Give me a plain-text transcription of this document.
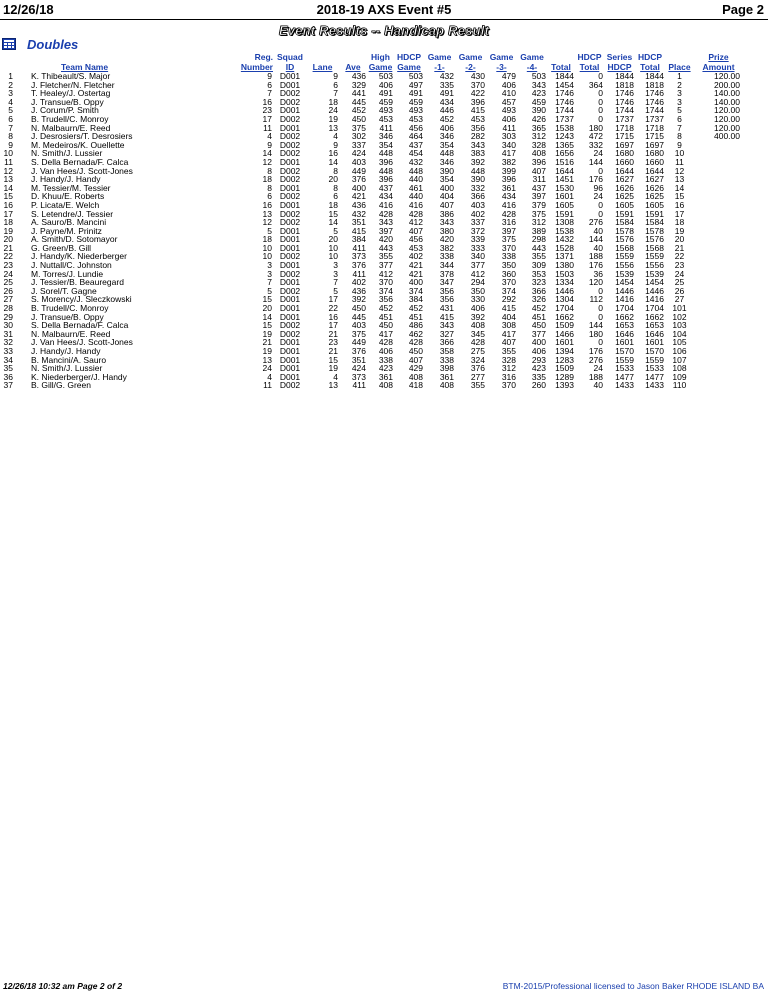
12/26/18	2018-19 AXS Event #5	Page 2
Event Results -- Handicap Result
Doubles
	Team Name	Reg.
Number	Squad
ID	Lane	Ave	High
Game	HDCP
Game	Game
-1-	Game
-2-	Game
-3-	Game
-4-	Total	HDCP
Total	Series
HDCP	HDCP
Total	Place	Prize
Amount
1	K. Thibeault/S. Major	9	D001	9	436	503	503	432	430	479	503	1844	0	1844	1844	1	120.00
2	J. Fletcher/N. Fletcher	6	D001	6	329	406	497	335	370	406	343	1454	364	1818	1818	2	200.00
3	T. Healey/J. Ostertag	7	D002	7	441	491	491	491	422	410	423	1746	0	1746	1746	3	140.00
4	J. Transue/B. Oppy	16	D002	18	445	459	459	434	396	457	459	1746	0	1746	1746	3	140.00
5	J. Corum/P. Smith	23	D001	24	452	493	493	446	415	493	390	1744	0	1744	1744	5	120.00
6	B. Trudell/C. Monroy	17	D002	19	450	453	453	452	453	406	426	1737	0	1737	1737	6	120.00
7	N. Malbaurn/E. Reed	11	D001	13	375	411	456	406	356	411	365	1538	180	1718	1718	7	120.00
8	J. Desrosiers/T. Desrosiers	4	D002	4	302	346	464	346	282	303	312	1243	472	1715	1715	8	400.00
9	M. Medeiros/K. Ouellette	9	D002	9	337	354	437	354	343	340	328	1365	332	1697	1697	9	
10	N. Smith/J. Lussier	14	D002	16	424	448	454	448	383	417	408	1656	24	1680	1680	10	
11	S. Della Bernada/F. Calca	12	D001	14	403	396	432	346	392	382	396	1516	144	1660	1660	11	
12	J. Van Hees/J. Scott-Jones	8	D002	8	449	448	448	390	448	399	407	1644	0	1644	1644	12	
13	J. Handy/J. Handy	18	D002	20	376	396	440	354	390	396	311	1451	176	1627	1627	13	
14	M. Tessier/M. Tessier	8	D001	8	400	437	461	400	332	361	437	1530	96	1626	1626	14	
15	D. Khuu/E. Roberts	6	D002	6	421	434	440	404	366	434	397	1601	24	1625	1625	15	
16	P. Licata/E. Welch	16	D001	18	436	416	416	407	403	416	379	1605	0	1605	1605	16	
17	S. Letendre/J. Tessier	13	D002	15	432	428	428	386	402	428	375	1591	0	1591	1591	17	
18	A. Sauro/B. Mancini	12	D002	14	351	343	412	343	337	316	312	1308	276	1584	1584	18	
19	J. Payne/M. Prinitz	5	D001	5	415	397	407	380	372	397	389	1538	40	1578	1578	19	
20	A. Smith/D. Sotomayor	18	D001	20	384	420	456	420	339	375	298	1432	144	1576	1576	20	
21	G. Green/B. Gill	10	D001	10	411	443	453	382	333	370	443	1528	40	1568	1568	21	
22	J. Handy/K. Niederberger	10	D002	10	373	355	402	338	340	338	355	1371	188	1559	1559	22	
23	J. Nuttall/C. Johnston	3	D001	3	376	377	421	344	377	350	309	1380	176	1556	1556	23	
24	M. Torres/J. Lundie	3	D002	3	411	412	421	378	412	360	353	1503	36	1539	1539	24	
25	J. Tessier/B. Beauregard	7	D001	7	402	370	400	347	294	370	323	1334	120	1454	1454	25	
26	J. Sorel/T. Gagne	5	D002	5	436	374	374	356	350	374	366	1446	0	1446	1446	26	
27	S. Morency/J. Sleczkowski	15	D001	17	392	356	384	356	330	292	326	1304	112	1416	1416	27	
28	B. Trudell/C. Monroy	20	D001	22	450	452	452	431	406	415	452	1704	0	1704	1704	101	
29	J. Transue/B. Oppy	14	D001	16	445	451	451	415	392	404	451	1662	0	1662	1662	102	
30	S. Della Bernada/F. Calca	15	D002	17	403	450	486	343	408	308	450	1509	144	1653	1653	103	
31	N. Malbaurn/E. Reed	19	D002	21	375	417	462	327	345	417	377	1466	180	1646	1646	104	
32	J. Van Hees/J. Scott-Jones	21	D001	23	449	428	428	366	428	407	400	1601	0	1601	1601	105	
33	J. Handy/J. Handy	19	D001	21	376	406	450	358	275	355	406	1394	176	1570	1570	106	
34	B. Mancini/A. Sauro	13	D001	15	351	338	407	338	324	328	293	1283	276	1559	1559	107	
35	N. Smith/J. Lussier	24	D001	19	424	423	429	398	376	312	423	1509	24	1533	1533	108	
36	K. Niederberger/J. Handy	4	D001	4	373	361	408	361	277	316	335	1289	188	1477	1477	109	
37	B. Gill/G. Green	11	D002	13	411	408	418	408	355	370	260	1393	40	1433	1433	110	
12/26/18 10:32 am Page 2 of 2	BTM-2015/Professional licensed to Jason Baker RHODE ISLAND BA
